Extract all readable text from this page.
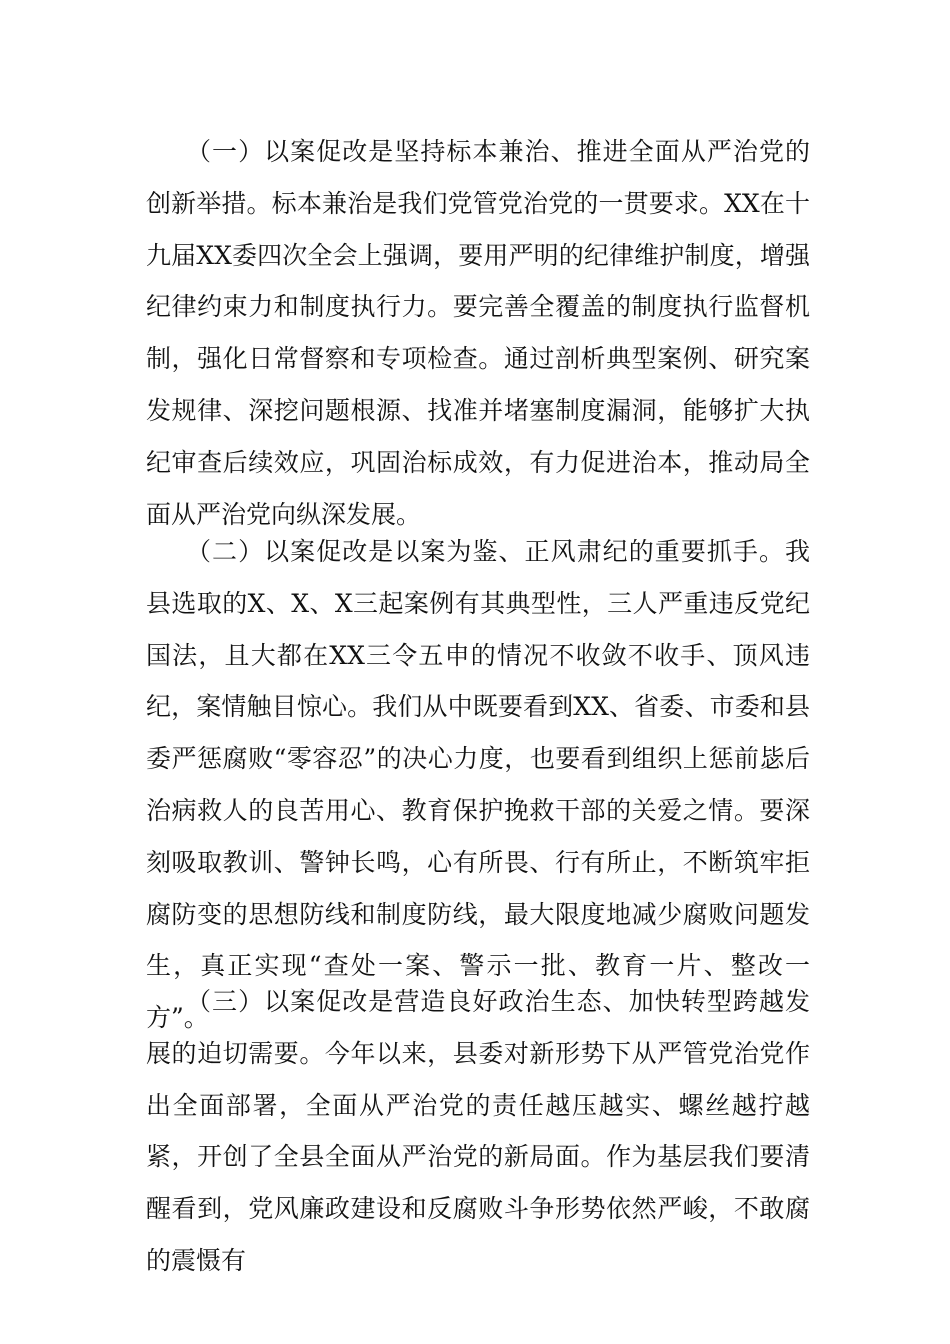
（一）以案促改是坚持标本兼治、推进全面从严治党的创新举措。标本兼治是我们党管党治党的一贯要求。XX在十九届XX委四次全会上强调，要用严明的纪律维护制度，增强纪律约束力和制度执行力。要完善全覆盖的制度执行监督机制，强化日常督察和专项检查。通过剖析典型案例、研究案发规律、深挖问题根源、找准并堵塞制度漏洞，能够扩大执纪审查后续效应，巩固治标成效，有力促进治本，推动局全面从严治党向纵深发展。

（二）以案促改是以案为鉴、正风肃纪的重要抓手。我县选取的X、X、X三起案例有其典型性，三人严重违反党纪国法，且大都在XX三令五申的情况不收敛不收手、顶风违纪，案情触目惊心。我们从中既要看到XX、省委、市委和县委严惩腐败“零容忍”的决心力度，也要看到组织上惩前毖后治病救人的良苦用心、教育保护挽救干部的关爱之情。要深刻吸取教训、警钟长鸣，心有所畏、行有所止，不断筑牢拒腐防变的思想防线和制度防线，最大限度地减少腐败问题发生，真正实现“查处一案、警示一批、教育一片、整改一方”。

（三）以案促改是营造良好政治生态、加快转型跨越发展的迫切需要。今年以来，县委对新形势下从严管党治党作出全面部署，全面从严治党的责任越压越实、螺丝越拧越紧，开创了全县全面从严治党的新局面。作为基层我们要清醒看到，党风廉政建设和反腐败斗争形势依然严峻，不敢腐的震慑有
